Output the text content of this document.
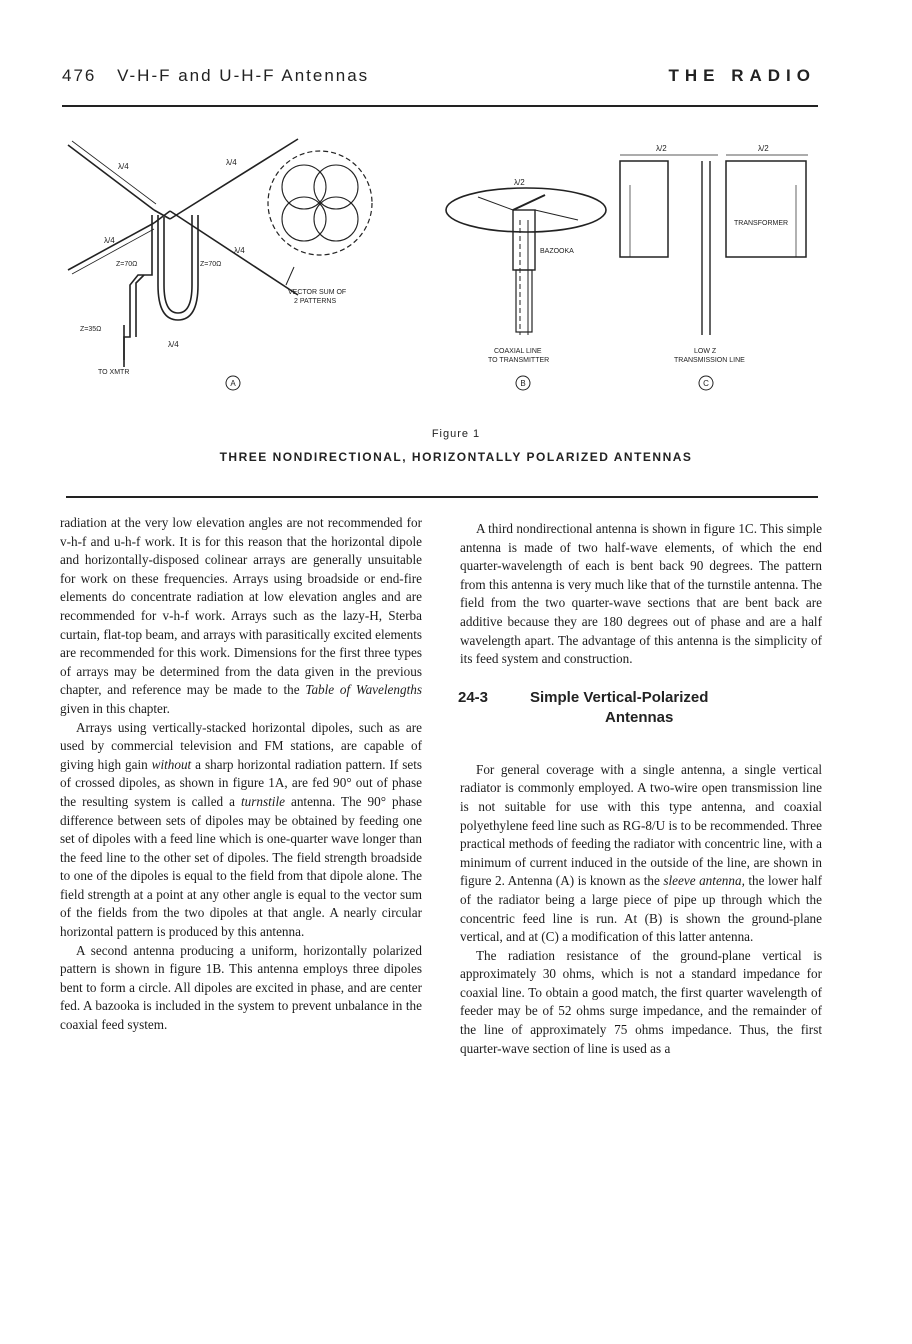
476 V-H-F and U-H-F Antennas	THE RADIO
Z=70Ω	Z=70Ω
Z=35Ω
TO XMTR
VECTOR SUM OF
2 PATTERNS
λ/4	λ/4
λ/4
λ/4
λ/4
A
λ/2
BAZOOKA
COAXIAL LINE
TO TRANSMITTER
B
λ/2	λ/2
TRANSFORMER
LOW Z
TRANSMISSION LINE
C
Figure 1
THREE NONDIRECTIONAL, HORIZONTALLY POLARIZED ANTENNAS

radiation at the very low elevation angles are not recommended for v-h-f and u-h-f work. It is for this reason that the horizontal dipole and horizontally-disposed colinear arrays are generally unsuitable for work on these frequencies. Arrays using broadside or end-fire elements do concentrate radiation at low elevation angles and are recommended for v-h-f work. Arrays such as the lazy-H, Sterba curtain, flat-top beam, and arrays with parasitically excited elements are recommended for this work. Dimensions for the first three types of arrays may be determined from the data given in the previous chapter, and reference may be made to the Table of Wavelengths given in this chapter.

Arrays using vertically-stacked horizontal dipoles, such as are used by commercial television and FM stations, are capable of giving high gain without a sharp horizontal radiation pattern. If sets of crossed dipoles, as shown in figure 1A, are fed 90° out of phase the resulting system is called a turnstile antenna. The 90° phase difference between sets of dipoles may be obtained by feeding one set of dipoles with a feed line which is one-quarter wave longer than the feed line to the other set of dipoles. The field strength broadside to one of the dipoles is equal to the field from that dipole alone. The field strength at a point at any other angle is equal to the vector sum of the fields from the two dipoles at that angle. A nearly circular horizontal pattern is produced by this antenna.

A second antenna producing a uniform, horizontally polarized pattern is shown in figure 1B. This antenna employs three dipoles bent to form a circle. All dipoles are excited in phase, and are center fed. A bazooka is included in the system to prevent unbalance in the coaxial feed system.

A third nondirectional antenna is shown in figure 1C. This simple antenna is made of two half-wave elements, of which the end quarter-wavelength of each is bent back 90 degrees. The pattern from this antenna is very much like that of the turnstile antenna. The field from the two quarter-wave sections that are bent back are additive because they are 180 degrees out of phase and are a half wavelength apart. The advantage of this antenna is the simplicity of its feed system and construction.

24-3	Simple Vertical-Polarized
Antennas

For general coverage with a single antenna, a single vertical radiator is commonly employed. A two-wire open transmission line is not suitable for use with this type antenna, and coaxial polyethylene feed line such as RG-8/U is to be recommended. Three practical methods of feeding the radiator with concentric line, with a minimum of current induced in the outside of the line, are shown in figure 2. Antenna (A) is known as the sleeve antenna, the lower half of the radiator being a large piece of pipe up through which the concentric feed line is run. At (B) is shown the ground-plane vertical, and at (C) a modification of this latter antenna.

The radiation resistance of the ground-plane vertical is approximately 30 ohms, which is not a standard impedance for coaxial line. To obtain a good match, the first quarter wavelength of feeder may be of 52 ohms surge impedance, and the remainder of the line of approximately 75 ohms impedance. Thus, the first quarter-wave section of line is used as a
